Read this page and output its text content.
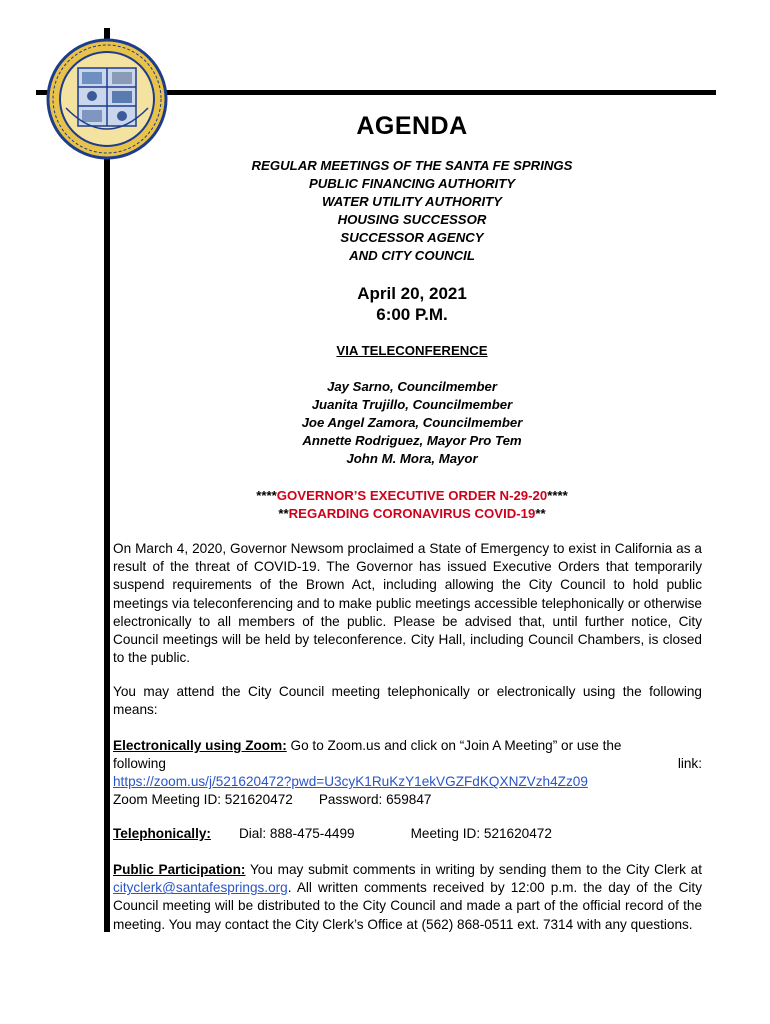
AGENDA
REGULAR MEETINGS OF THE SANTA FE SPRINGS
PUBLIC FINANCING AUTHORITY
WATER UTILITY AUTHORITY
HOUSING SUCCESSOR
SUCCESSOR AGENCY
AND CITY COUNCIL
April 20, 2021
6:00 P.M.
VIA TELECONFERENCE
Jay Sarno, Councilmember
Juanita Trujillo, Councilmember
Joe Angel Zamora, Councilmember
Annette Rodriguez, Mayor Pro Tem
John M. Mora, Mayor
****GOVERNOR’S EXECUTIVE ORDER N-29-20****
**REGARDING CORONAVIRUS COVID-19**
On March 4, 2020, Governor Newsom proclaimed a State of Emergency to exist in California as a result of the threat of COVID-19. The Governor has issued Executive Orders that temporarily suspend requirements of the Brown Act, including allowing the City Council to hold public meetings via teleconferencing and to make public meetings accessible telephonically or otherwise electronically to all members of the public. Please be advised that, until further notice, City Council meetings will be held by teleconference. City Hall, including Council Chambers, is closed to the public.
You may attend the City Council meeting telephonically or electronically using the following means:
Electronically using Zoom: Go to Zoom.us and click on “Join A Meeting” or use the
following	link:
https://zoom.us/j/521620472?pwd=U3cyK1RuKzY1ekVGZFdKQXNZVzh4Zz09
Zoom Meeting ID: 521620472 Password: 659847
Telephonically: Dial: 888-475-4499	Meeting ID: 521620472
Public Participation: You may submit comments in writing by sending them to the City Clerk at cityclerk@santafesprings.org. All written comments received by 12:00 p.m. the day of the City Council meeting will be distributed to the City Council and made a part of the official record of the meeting. You may contact the City Clerk’s Office at (562) 868-0511 ext. 7314 with any questions.
